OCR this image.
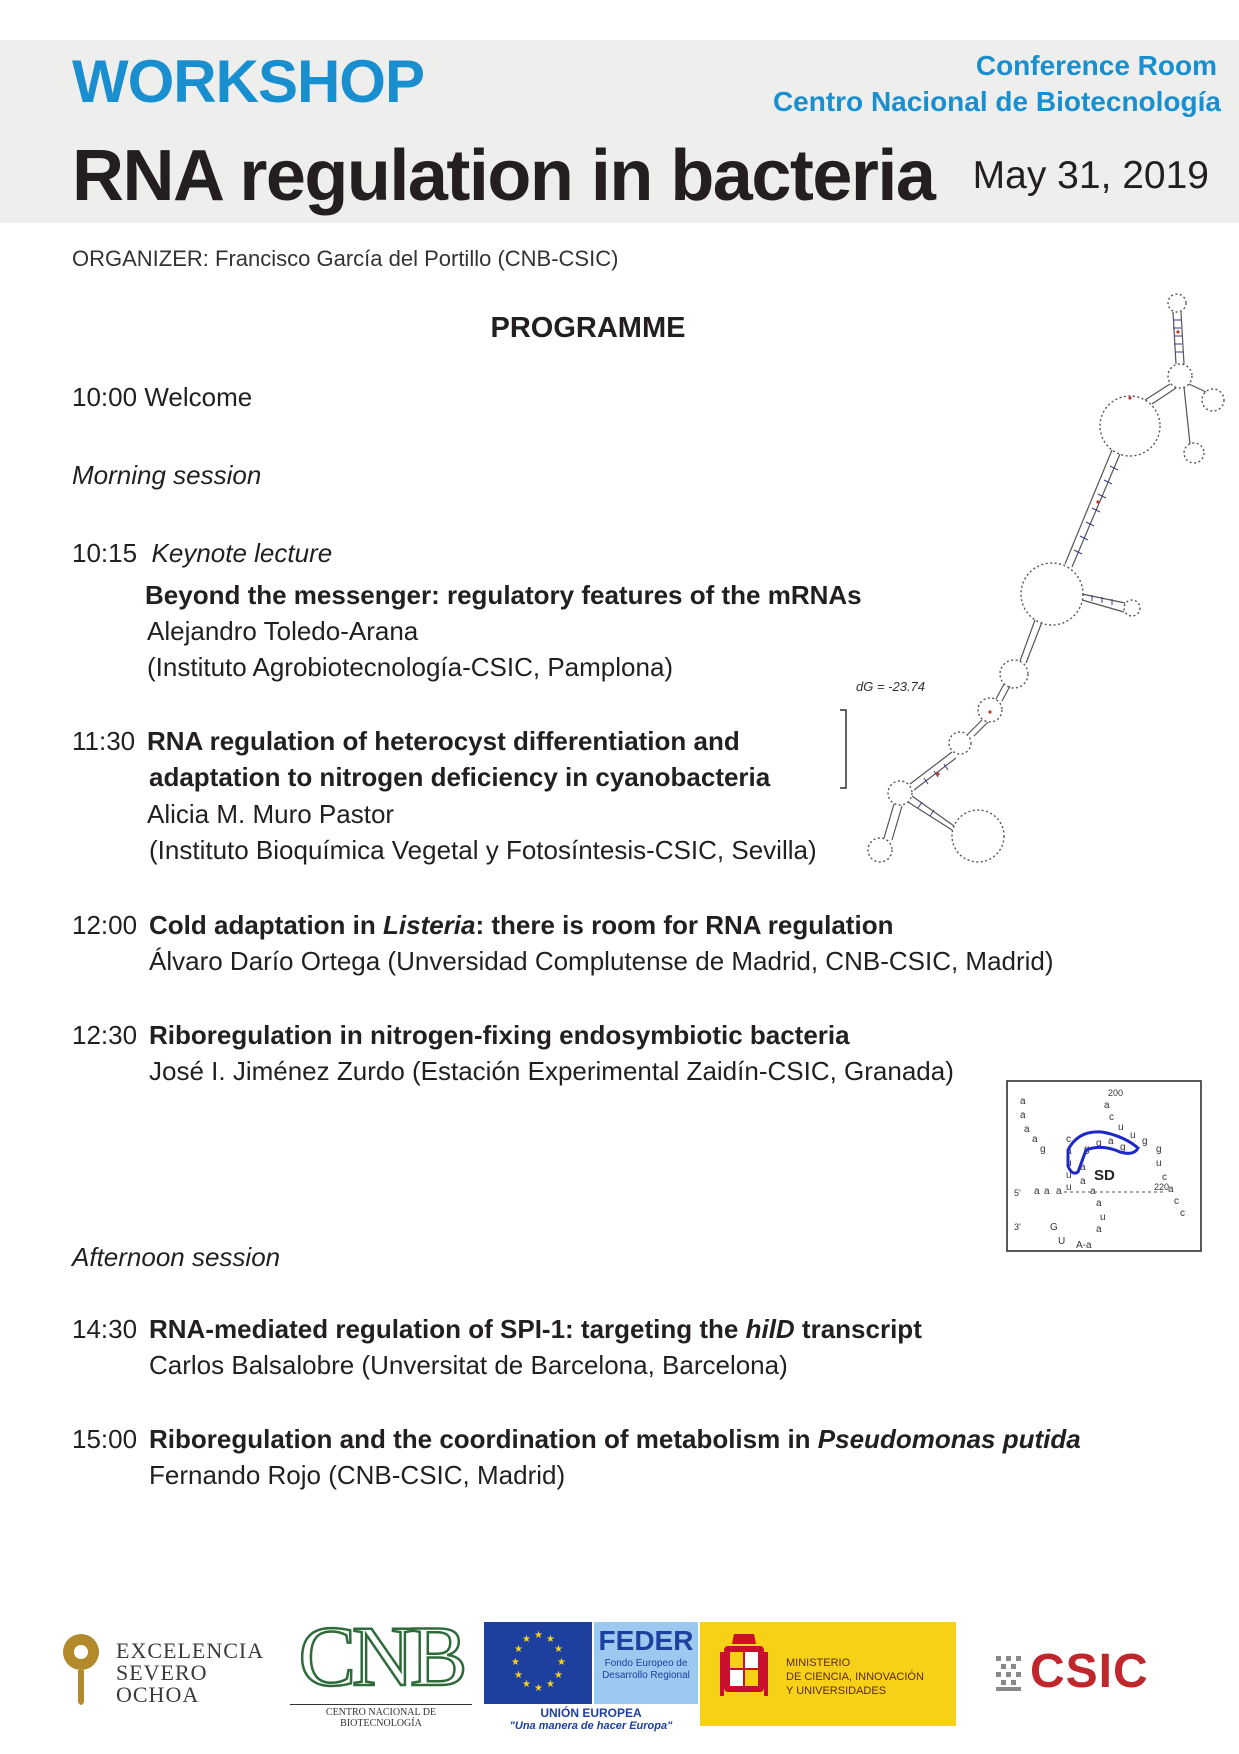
WORKSHOP
RNA regulation in bacteria
Conference Room
Centro Nacional de Biotecnología
May 31, 2019
ORGANIZER: Francisco García del Portillo (CNB-CSIC)
PROGRAMME
10:00 Welcome
Morning session
10:15 Keynote lecture
Beyond the messenger: regulatory features of the mRNAs
Alejandro Toledo-Arana
(Instituto Agrobiotecnología-CSIC, Pamplona)
11:30 RNA regulation of heterocyst differentiation and
adaptation to nitrogen deficiency in cyanobacteria
Alicia M. Muro Pastor
(Instituto Bioquímica Vegetal y Fotosíntesis-CSIC, Sevilla)
12:00 Cold adaptation in Listeria: there is room for RNA regulation
Álvaro Darío Ortega (Unversidad Complutense de Madrid, CNB-CSIC, Madrid)
12:30 Riboregulation in nitrogen-fixing endosymbiotic bacteria
José I. Jiménez Zurdo (Estación Experimental Zaidín-CSIC, Granada)
Afternoon session
14:30 RNA-mediated regulation of SPI-1: targeting the hilD transcript
Carlos Balsalobre (Unversitat de Barcelona, Barcelona)
15:00 Riboregulation and the coordination of metabolism in Pseudomonas putida
Fernando Rojo (CNB-CSIC, Madrid)
dG = -23.74
a
a
a
a
g
c
a
u
u
u
a
c
u
u
g
g
u
c
a
c
c
g
g a
g
a
a
a a a	a
a
u
a
G
U A-a
200
220
5'
3'
SD
EXCELENCIA
SEVERO
OCHOA	CNB
CENTRO NACIONAL DE BIOTECNOLOGÍA
★ ★
★
★
★
★
★
★
★
★
★
★ FEDER
Fondo Europeo de
Desarrollo Regional
UNIÓN EUROPEA
"Una manera de hacer Europa"
MINISTERIO
DE CIENCIA, INNOVACIÓN
Y UNIVERSIDADES	CSIC
